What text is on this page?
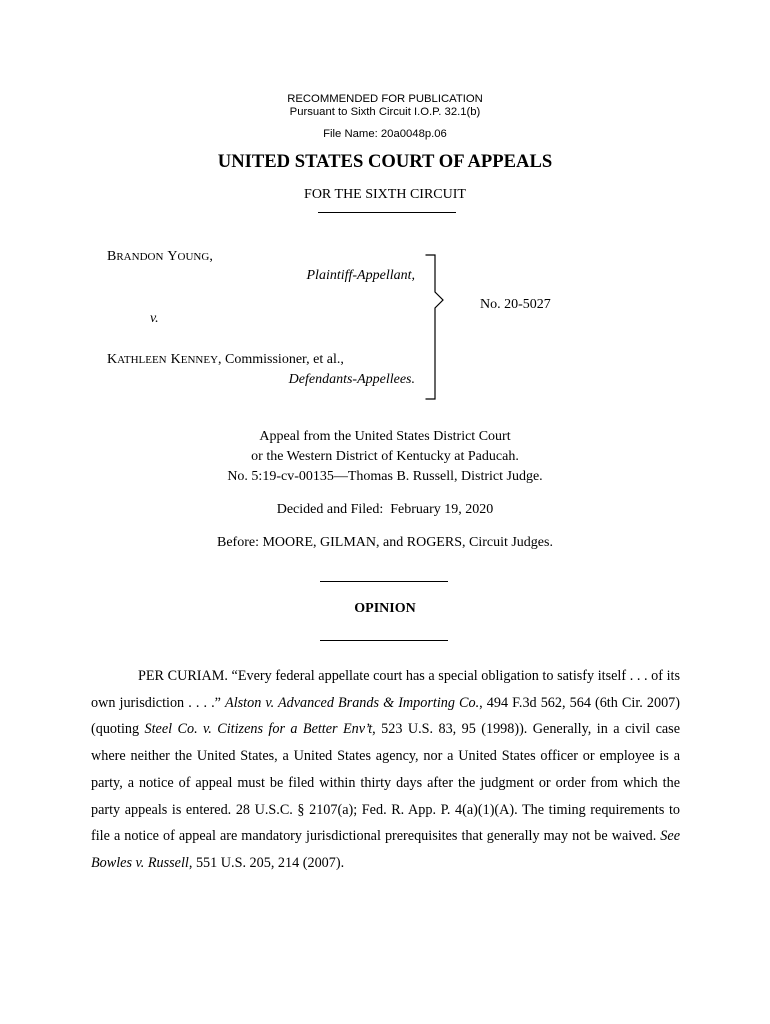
RECOMMENDED FOR PUBLICATION
Pursuant to Sixth Circuit I.O.P. 32.1(b)
File Name: 20a0048p.06
UNITED STATES COURT OF APPEALS
FOR THE SIXTH CIRCUIT
BRANDON YOUNG,
Plaintiff-Appellant,
v.
KATHLEEN KENNEY, Commissioner, et al.,
Defendants-Appellees.
No. 20-5027
Appeal from the United States District Court
or the Western District of Kentucky at Paducah.
No. 5:19-cv-00135—Thomas B. Russell, District Judge.
Decided and Filed:  February 19, 2020
Before: MOORE, GILMAN, and ROGERS, Circuit Judges.
OPINION
PER CURIAM. “Every federal appellate court has a special obligation to satisfy itself . . . of its own jurisdiction . . . .” Alston v. Advanced Brands & Importing Co., 494 F.3d 562, 564 (6th Cir. 2007) (quoting Steel Co. v. Citizens for a Better Env’t, 523 U.S. 83, 95 (1998)). Generally, in a civil case where neither the United States, a United States agency, nor a United States officer or employee is a party, a notice of appeal must be filed within thirty days after the judgment or order from which the party appeals is entered. 28 U.S.C. § 2107(a); Fed. R. App. P. 4(a)(1)(A). The timing requirements to file a notice of appeal are mandatory jurisdictional prerequisites that generally may not be waived. See Bowles v. Russell, 551 U.S. 205, 214 (2007).
